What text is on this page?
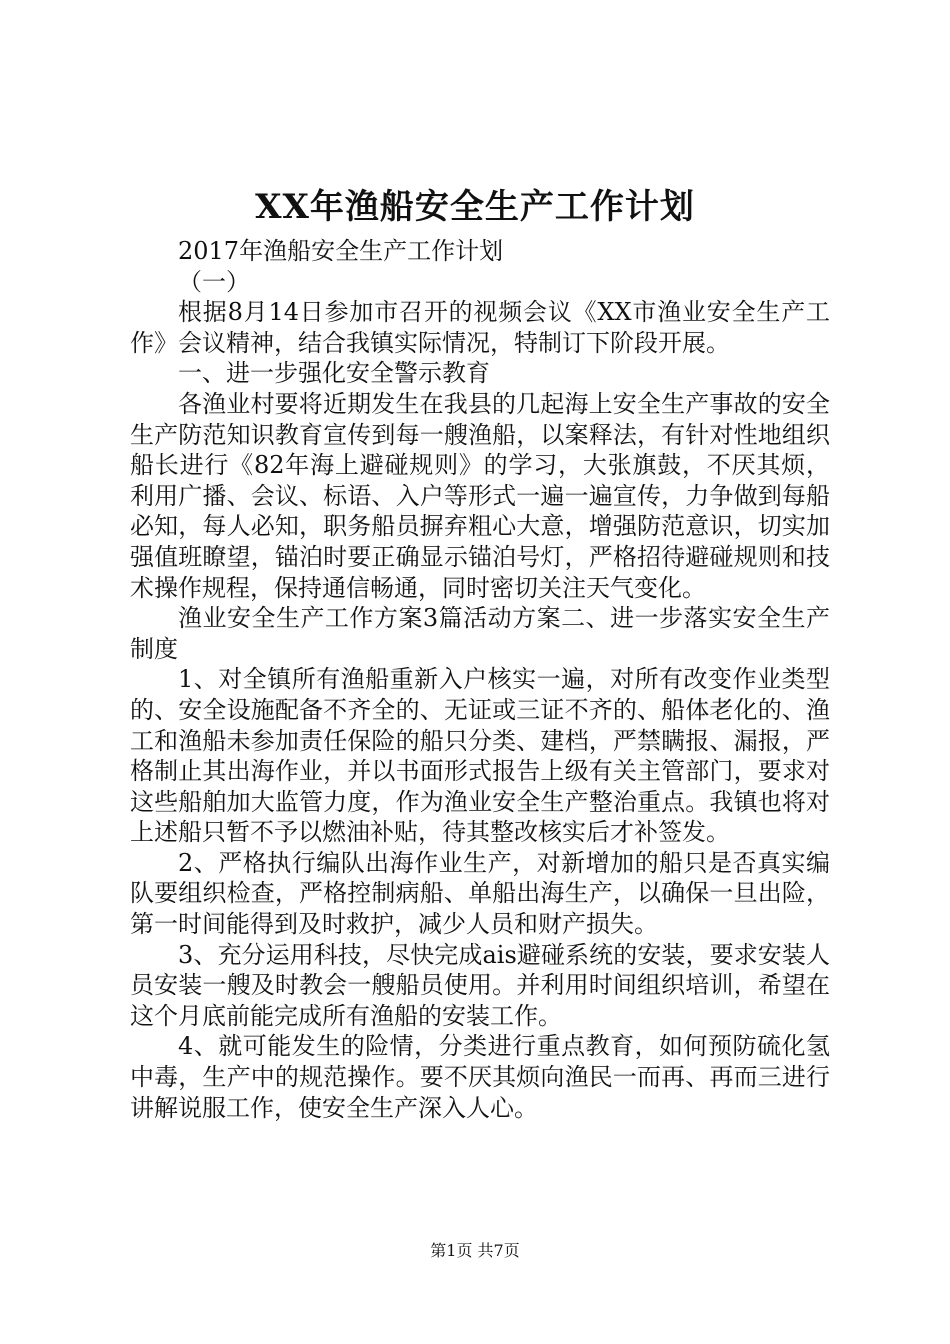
XX年渔船安全生产工作计划

2017年渔船安全生产工作计划

（一）

根据8月14日参加市召开的视频会议《XX市渔业安全生产工作》会议精神，结合我镇实际情况，特制订下阶段开展。

一、进一步强化安全警示教育

各渔业村要将近期发生在我县的几起海上安全生产事故的安全生产防范知识教育宣传到每一艘渔船，以案释法，有针对性地组织船长进行《82年海上避碰规则》的学习，大张旗鼓，不厌其烦，利用广播、会议、标语、入户等形式一遍一遍宣传，力争做到每船必知，每人必知，职务船员摒弃粗心大意，增强防范意识，切实加强值班瞭望，锚泊时要正确显示锚泊号灯，严格招待避碰规则和技术操作规程，保持通信畅通，同时密切关注天气变化。

渔业安全生产工作方案3篇活动方案二、进一步落实安全生产制度

1、对全镇所有渔船重新入户核实一遍，对所有改变作业类型的、安全设施配备不齐全的、无证或三证不齐的、船体老化的、渔工和渔船未参加责任保险的船只分类、建档，严禁瞒报、漏报，严格制止其出海作业，并以书面形式报告上级有关主管部门，要求对这些船舶加大监管力度，作为渔业安全生产整治重点。我镇也将对上述船只暂不予以燃油补贴，待其整改核实后才补签发。

2、严格执行编队出海作业生产，对新增加的船只是否真实编队要组织检查，严格控制病船、单船出海生产，以确保一旦出险，第一时间能得到及时救护，减少人员和财产损失。

3、充分运用科技，尽快完成ais避碰系统的安装，要求安装人员安装一艘及时教会一艘船员使用。并利用时间组织培训，希望在这个月底前能完成所有渔船的安装工作。

4、就可能发生的险情，分类进行重点教育，如何预防硫化氢中毒，生产中的规范操作。要不厌其烦向渔民一而再、再而三进行讲解说服工作，使安全生产深入人心。

第1页 共7页
